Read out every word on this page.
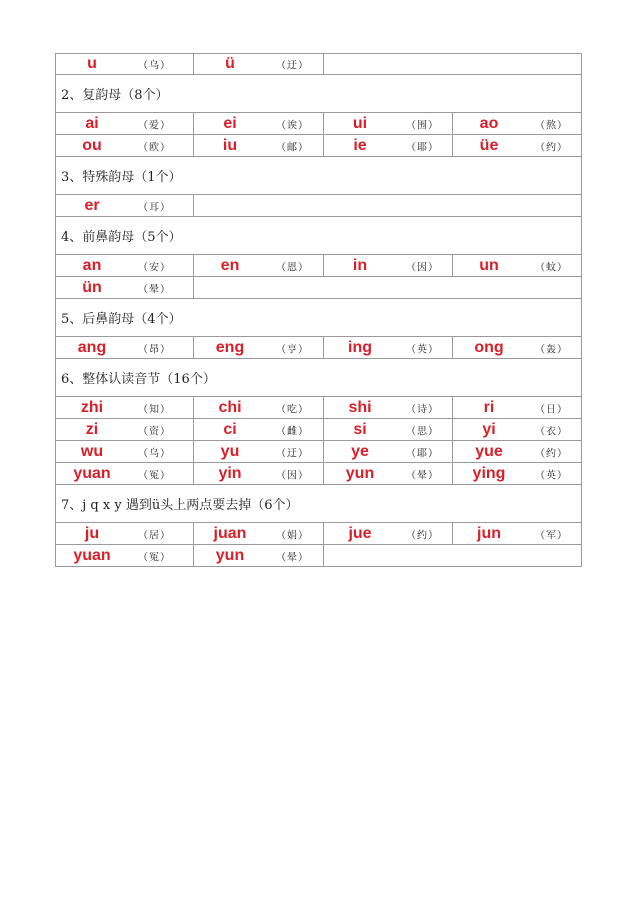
u	（乌）	ü	（迂）
2、复韵母（8个）
ai	（爱）	ei	（诶）	ui	（围）	ao	（熬）
ou	（欧）	iu	（邮）	ie	（耶）	üe	（约）
3、特殊韵母（1个）
er	（耳）
4、前鼻韵母（5个）
an	（安）	en	（恩）	in	（因）	un	（蚊）
ün	（晕）
5、后鼻韵母（4个）
ang	（昂）	eng	（亨） ing	（英） ong	（轰）
6、整体认读音节（16个）
zhi	（知）	chi	（吃） shi	（诗）	ri	（日）
zi	（资）	ci	（雌）	si	（思）	yi	（衣）
wu	（乌）	yu	（迂）	ye	（耶） yue	（约）
yuan	（冤）	yin	（因） yun	（晕） ying	（英）
7、j q x y 遇到ü头上两点要去掉（6个）
ju	（居）	juan	（娟） jue	（约） jun	（军）
yuan	（冤）	yun	（晕）
